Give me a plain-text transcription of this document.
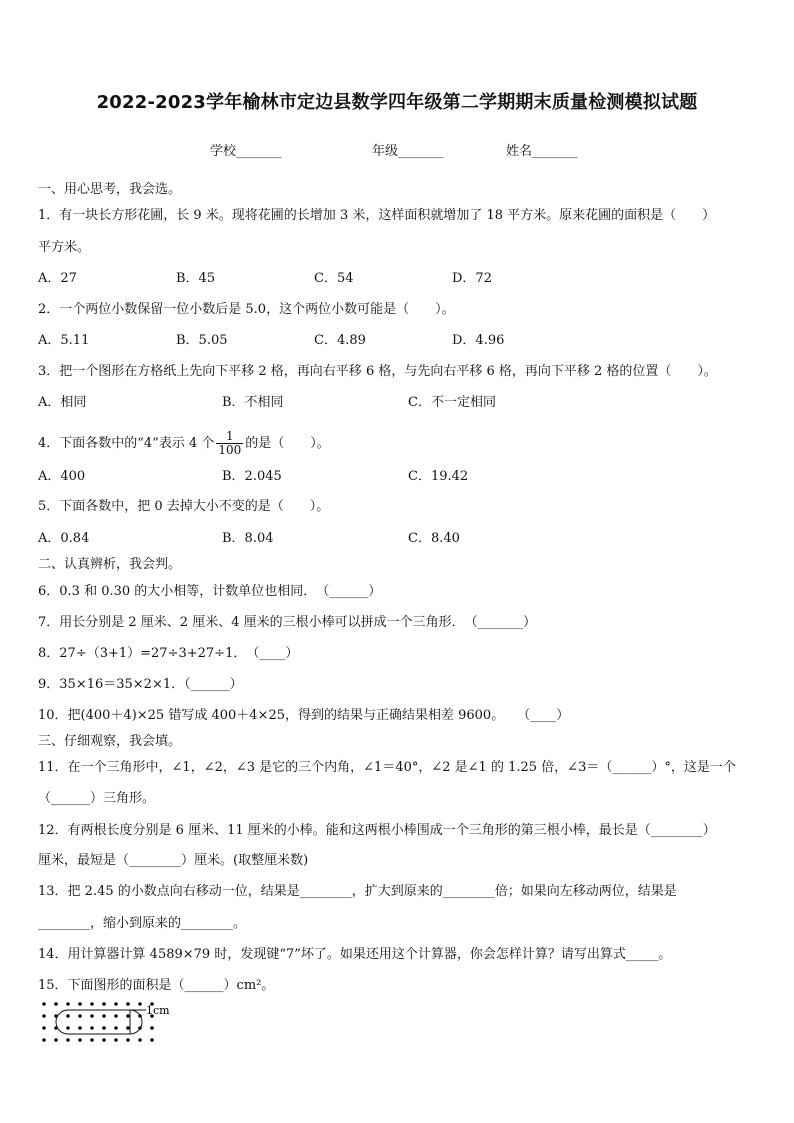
2022-2023学年榆林市定边县数学四年级第二学期期末质量检测模拟试题
学校_______	年级_______	姓名_______
一、用心思考，我会选。
1．有一块长方形花圃，长 9 米。现将花圃的长增加 3 米，这样面积就增加了 18 平方米。原来花圃的面积是（　　）
平方米。
A．27	B．45	C．54	D．72
2．一个两位小数保留一位小数后是 5.0，这个两位小数可能是（　　）。
A．5.11	B．5.05	C．4.89	D．4.96
3．把一个图形在方格纸上先向下平移 2 格，再向右平移 6 格，与先向右平移 6 格，再向下平移 2 格的位置（　　）。
A．相同	B．不相同	C．不一定相同
4．下面各数中的“4”表示 4 个 $\frac{1}{100}$ 的是（　　）。
A．400	B．2.045	C．19.42
5．下面各数中，把 0 去掉大小不变的是（　　）。
A．0.84	B．8.04	C．8.40
二、认真辨析，我会判。
6．0.3 和 0.30 的大小相等，计数单位也相同．　（______）
7．用长分别是 2 厘米、2 厘米、4 厘米的三根小棒可以拼成一个三角形．　（_______）
8．27÷（3+1）=27÷3+27÷1．　（____）
9．35×16＝35×2×1．（______）
10．把(400＋4)×25 错写成 400＋4×25，得到的结果与正确结果相差 9600。　　（____）
三、仔细观察，我会填。
11．在一个三角形中，∠1，∠2，∠3 是它的三个内角，∠1＝40°，∠2 是∠1 的 1.25 倍，∠3＝（______）°，这是一个
（______）三角形。
12．有两根长度分别是 6 厘米、11 厘米的小棒。能和这两根小棒围成一个三角形的第三根小棒，最长是（________）
厘米，最短是（________）厘米。(取整厘米数)
13．把 2.45 的小数点向右移动一位，结果是________，扩大到原来的________倍；如果向左移动两位，结果是
________，缩小到原来的________。
14．用计算器计算 4589×79 时，发现键“7”坏了。如果还用这个计算器，你会怎样计算？请写出算式_____。
15．下面图形的面积是（______）cm²。
1cm
